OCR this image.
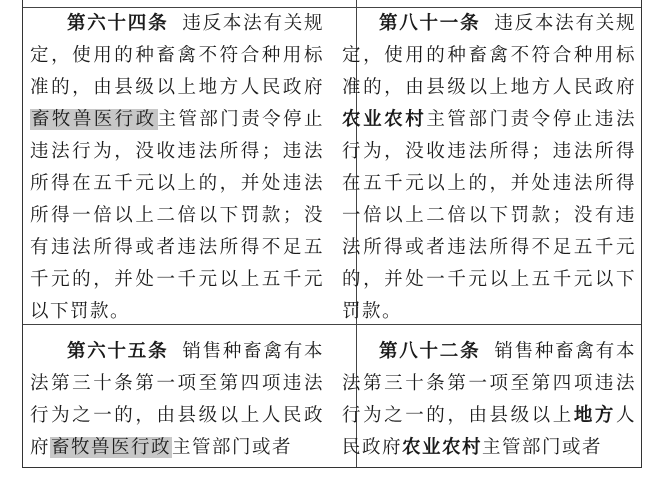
第六十四条 违反本法有关规定，使用的种畜禽不符合种用标准的，由县级以上地方人民政府畜牧兽医行政主管部门责令停止违法行为，没收违法所得；违法所得在五千元以上的，并处违法所得一倍以上二倍以下罚款；没有违法所得或者违法所得不足五千元的，并处一千元以上五千元以下罚款。
第八十一条 违反本法有关规定，使用的种畜禽不符合种用标准的，由县级以上地方人民政府农业农村主管部门责令停止违法行为，没收违法所得；违法所得在五千元以上的，并处违法所得一倍以上二倍以下罚款；没有违法所得或者违法所得不足五千元的，并处一千元以上五千元以下罚款。
第六十五条 销售种畜禽有本法第三十条第一项至第四项违法行为之一的，由县级以上人民政府畜牧兽医行政主管部门或者
第八十二条 销售种畜禽有本法第三十条第一项至第四项违法行为之一的，由县级以上地方人民政府农业农村主管部门或者
